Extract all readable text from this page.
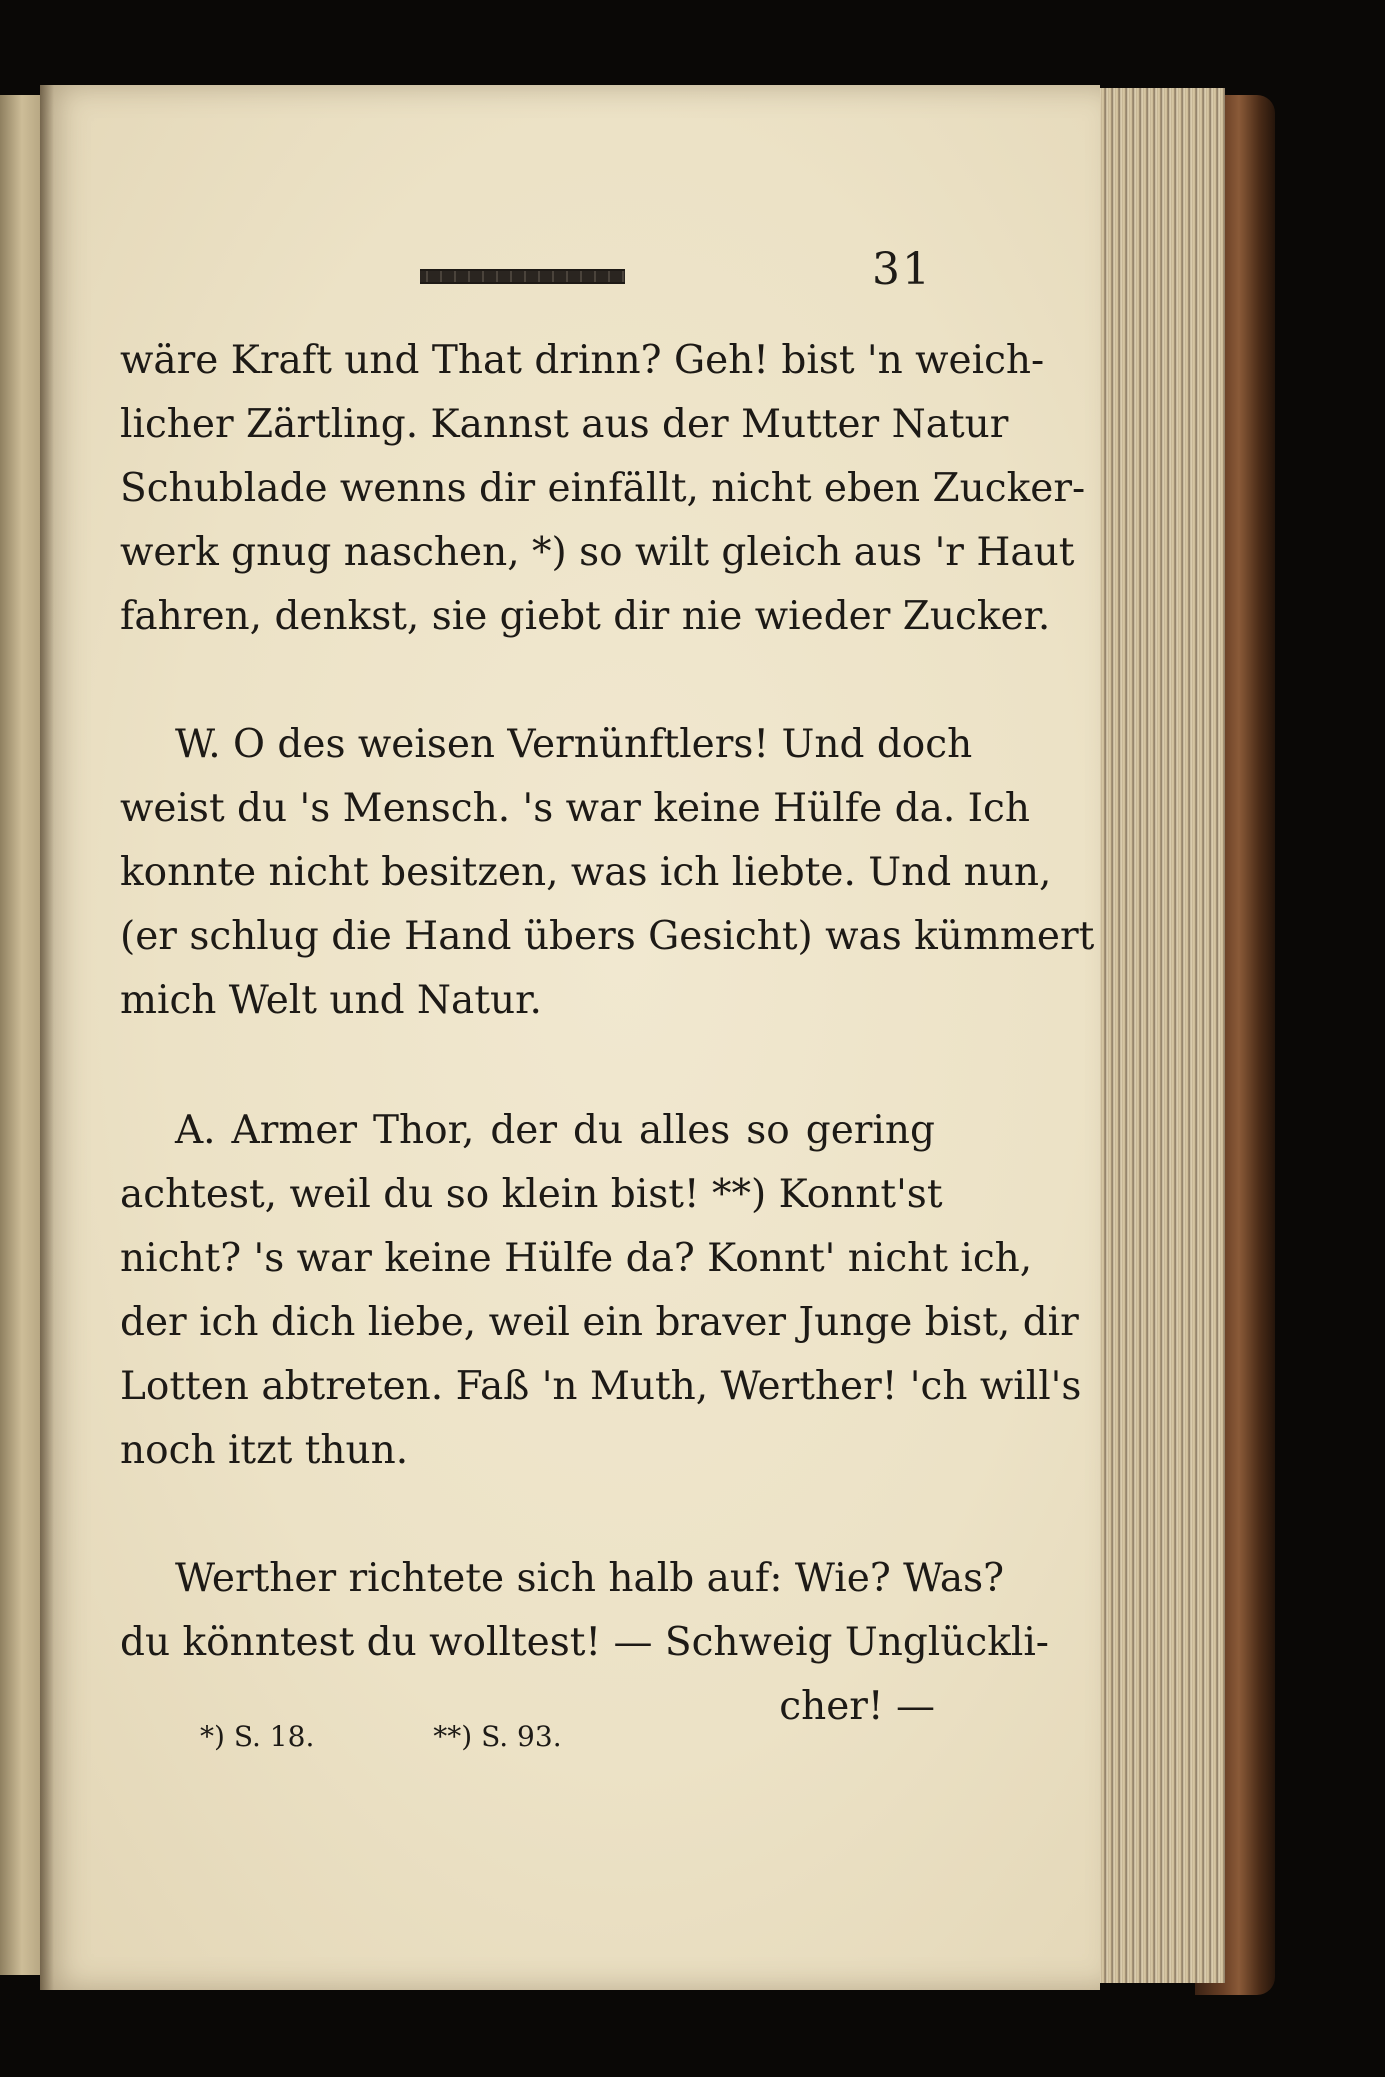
31
wäre Kraft und That drinn? Geh! bist 'n weich-
licher Zärtling. Kannst aus der Mutter Natur
Schublade wenns dir einfällt, nicht eben Zucker-
werk gnug naschen, *) so wilt gleich aus 'r Haut
fahren, denkst, sie giebt dir nie wieder Zucker.
W. O des weisen Vernünftlers! Und doch
weist du 's Mensch. 's war keine Hülfe da. Ich
konnte nicht besitzen, was ich liebte. Und nun,
(er schlug die Hand übers Gesicht) was kümmert
mich Welt und Natur.
A. Armer Thor, der du alles so gering
achtest, weil du so klein bist! **) Konnt'st
nicht? 's war keine Hülfe da? Konnt' nicht ich,
der ich dich liebe, weil ein braver Junge bist, dir
Lotten abtreten. Faß 'n Muth, Werther! 'ch will's
noch itzt thun.
Werther richtete sich halb auf: Wie? Was?
du könntest du wolltest! — Schweig Unglückli-
cher! —
*) S. 18.	**) S. 93.
